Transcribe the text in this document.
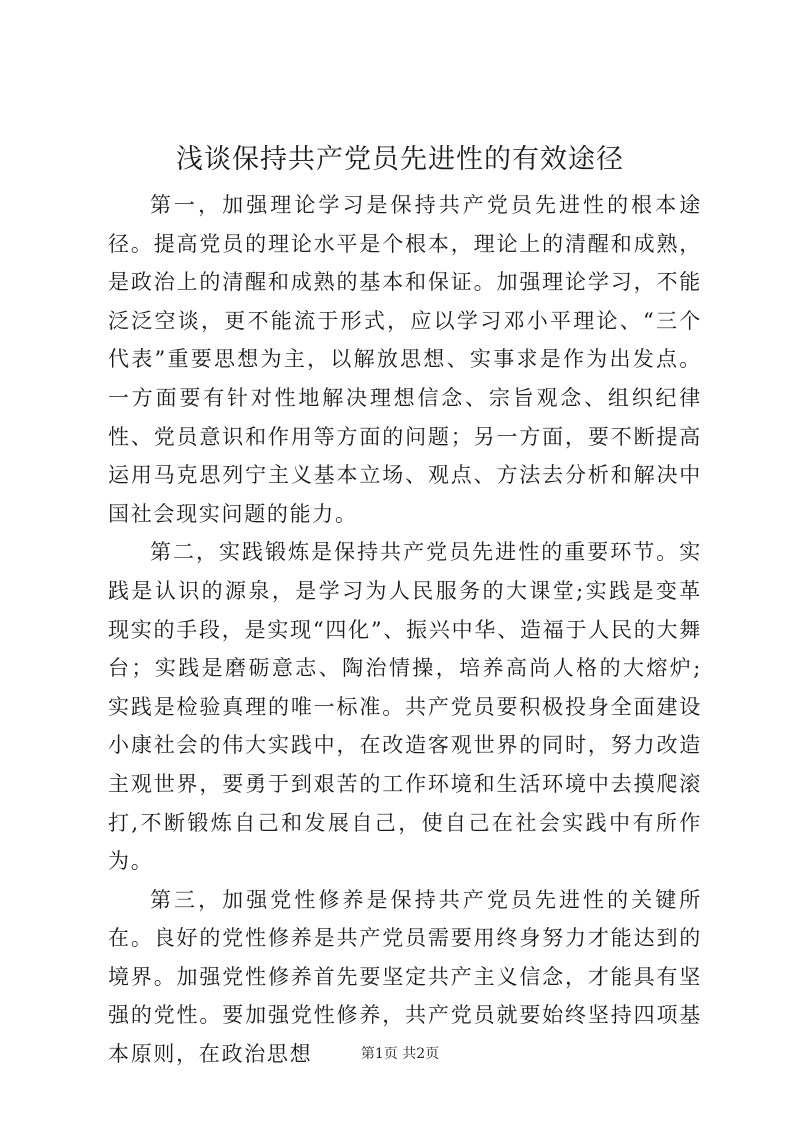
浅谈保持共产党员先进性的有效途径

第一，加强理论学习是保持共产党员先进性的根本途径。提高党员的理论水平是个根本，理论上的清醒和成熟，是政治上的清醒和成熟的基本和保证。加强理论学习，不能泛泛空谈，更不能流于形式，应以学习邓小平理论、“三个代表”重要思想为主，以解放思想、实事求是作为出发点。一方面要有针对性地解决理想信念、宗旨观念、组织纪律性、党员意识和作用等方面的问题；另一方面，要不断提高运用马克思列宁主义基本立场、观点、方法去分析和解决中国社会现实问题的能力。

第二，实践锻炼是保持共产党员先进性的重要环节。实践是认识的源泉，是学习为人民服务的大课堂;实践是变革现实的手段，是实现“四化”、振兴中华、造福于人民的大舞台；实践是磨砺意志、陶治情操，培养高尚人格的大熔炉;实践是检验真理的唯一标准。共产党员要积极投身全面建设小康社会的伟大实践中，在改造客观世界的同时，努力改造主观世界，要勇于到艰苦的工作环境和生活环境中去摸爬滚打,不断锻炼自己和发展自己，使自己在社会实践中有所作为。

第三，加强党性修养是保持共产党员先进性的关键所在。良好的党性修养是共产党员需要用终身努力才能达到的境界。加强党性修养首先要坚定共产主义信念，才能具有坚强的党性。要加强党性修养，共产党员就要始终坚持四项基本原则，在政治思想	第1页 共2页
